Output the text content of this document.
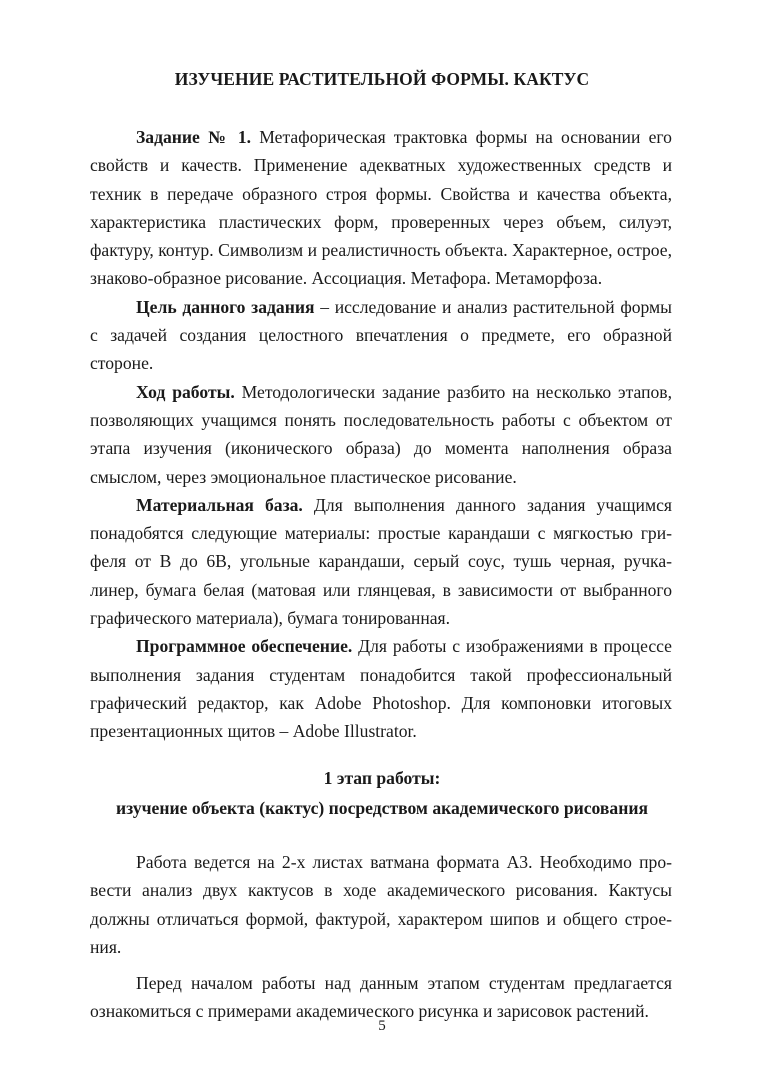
ИЗУЧЕНИЕ РАСТИТЕЛЬНОЙ ФОРМЫ. КАКТУС

Задание № 1. Метафорическая трактовка формы на основании его свойств и качеств. Применение адекватных художественных средств и техник в передаче образного строя формы. Свойства и качества объекта, характеристика пластических форм, проверенных через объем, силуэт, фактуру, контур. Символизм и реалистичность объекта. Характерное, острое, знаково-образное рисование. Ассоциация. Метафора. Метаморфоза.

Цель данного задания – исследование и анализ растительной формы с задачей создания целостного впечатления о предмете, его образной стороне.

Ход работы. Методологически задание разбито на несколько этапов, позволяющих учащимся понять последовательность работы с объектом от этапа изучения (иконического образа) до момента наполнения образа смыслом, через эмоциональное пластическое рисование.

Материальная база. Для выполнения данного задания учащимся понадобятся следующие материалы: простые карандаши с мягкостью грифеля от В до 6В, угольные карандаши, серый соус, тушь черная, ручка-линер, бумага белая (матовая или глянцевая, в зависимости от выбранного графического материала), бумага тонированная.

Программное обеспечение. Для работы с изображениями в процессе выполнения задания студентам понадобится такой профессиональный графический редактор, как Adobe Photoshop. Для компоновки итоговых презентационных щитов – Adobe Illustrator.

1 этап работы:
изучение объекта (кактус) посредством академического рисования

Работа ведется на 2-х листах ватмана формата А3. Необходимо провести анализ двух кактусов в ходе академического рисования. Кактусы должны отличаться формой, фактурой, характером шипов и общего строения.

Перед началом работы над данным этапом студентам предлагается ознакомиться с примерами академического рисунка и зарисовок растений.

5
